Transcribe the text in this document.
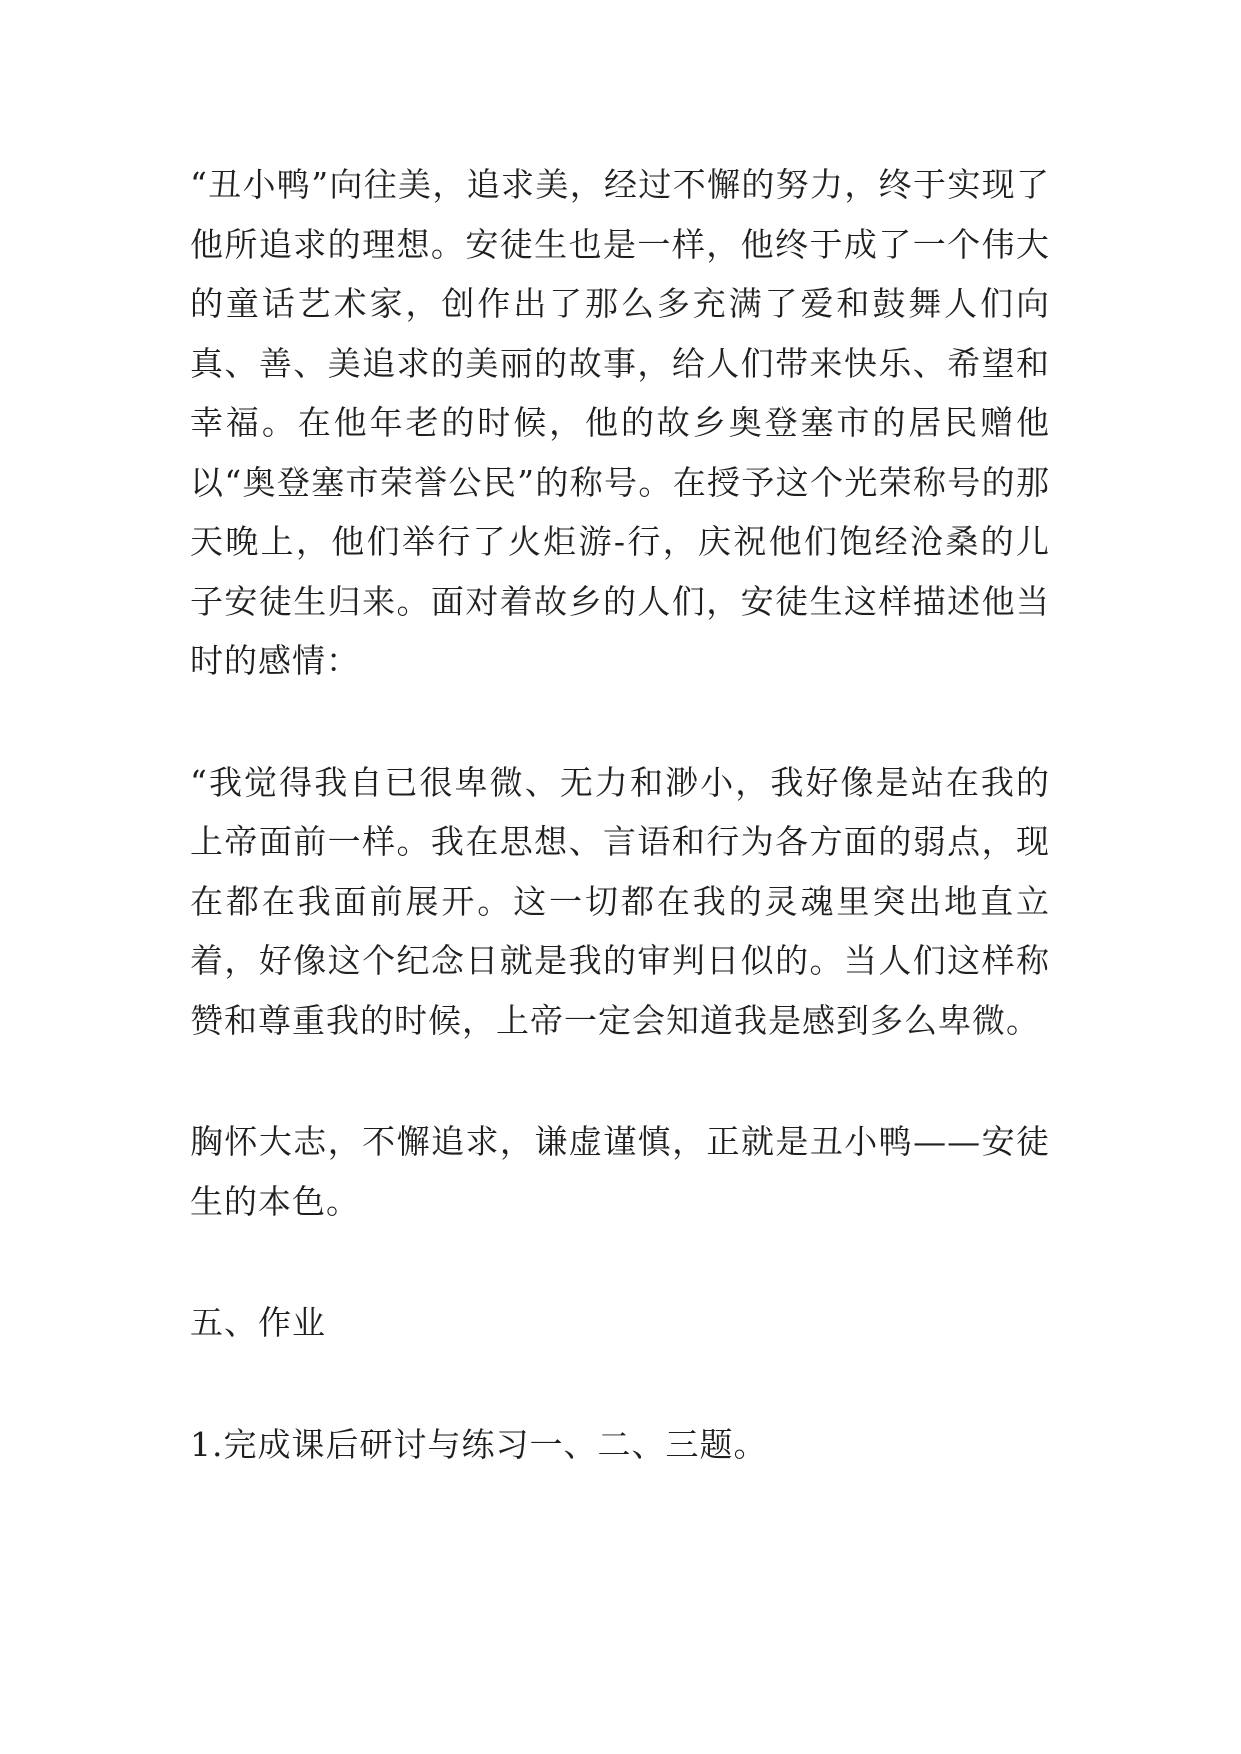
“丑小鸭”向往美，追求美，经过不懈的努力，终于实现了他所追求的理想。安徒生也是一样，他终于成了一个伟大的童话艺术家，创作出了那么多充满了爱和鼓舞人们向真、善、美追求的美丽的故事，给人们带来快乐、希望和幸福。在他年老的时候，他的故乡奥登塞市的居民赠他以“奥登塞市荣誉公民”的称号。在授予这个光荣称号的那天晚上，他们举行了火炬游-行，庆祝他们饱经沧桑的儿子安徒生归来。面对着故乡的人们，安徒生这样描述他当时的感情：

“我觉得我自已很卑微、无力和渺小，我好像是站在我的上帝面前一样。我在思想、言语和行为各方面的弱点，现在都在我面前展开。这一切都在我的灵魂里突出地直立着，好像这个纪念日就是我的审判日似的。当人们这样称赞和尊重我的时候，上帝一定会知道我是感到多么卑微。

胸怀大志，不懈追求，谦虚谨慎，正就是丑小鸭——安徒生的本色。

五、作业

1.完成课后研讨与练习一、二、三题。
